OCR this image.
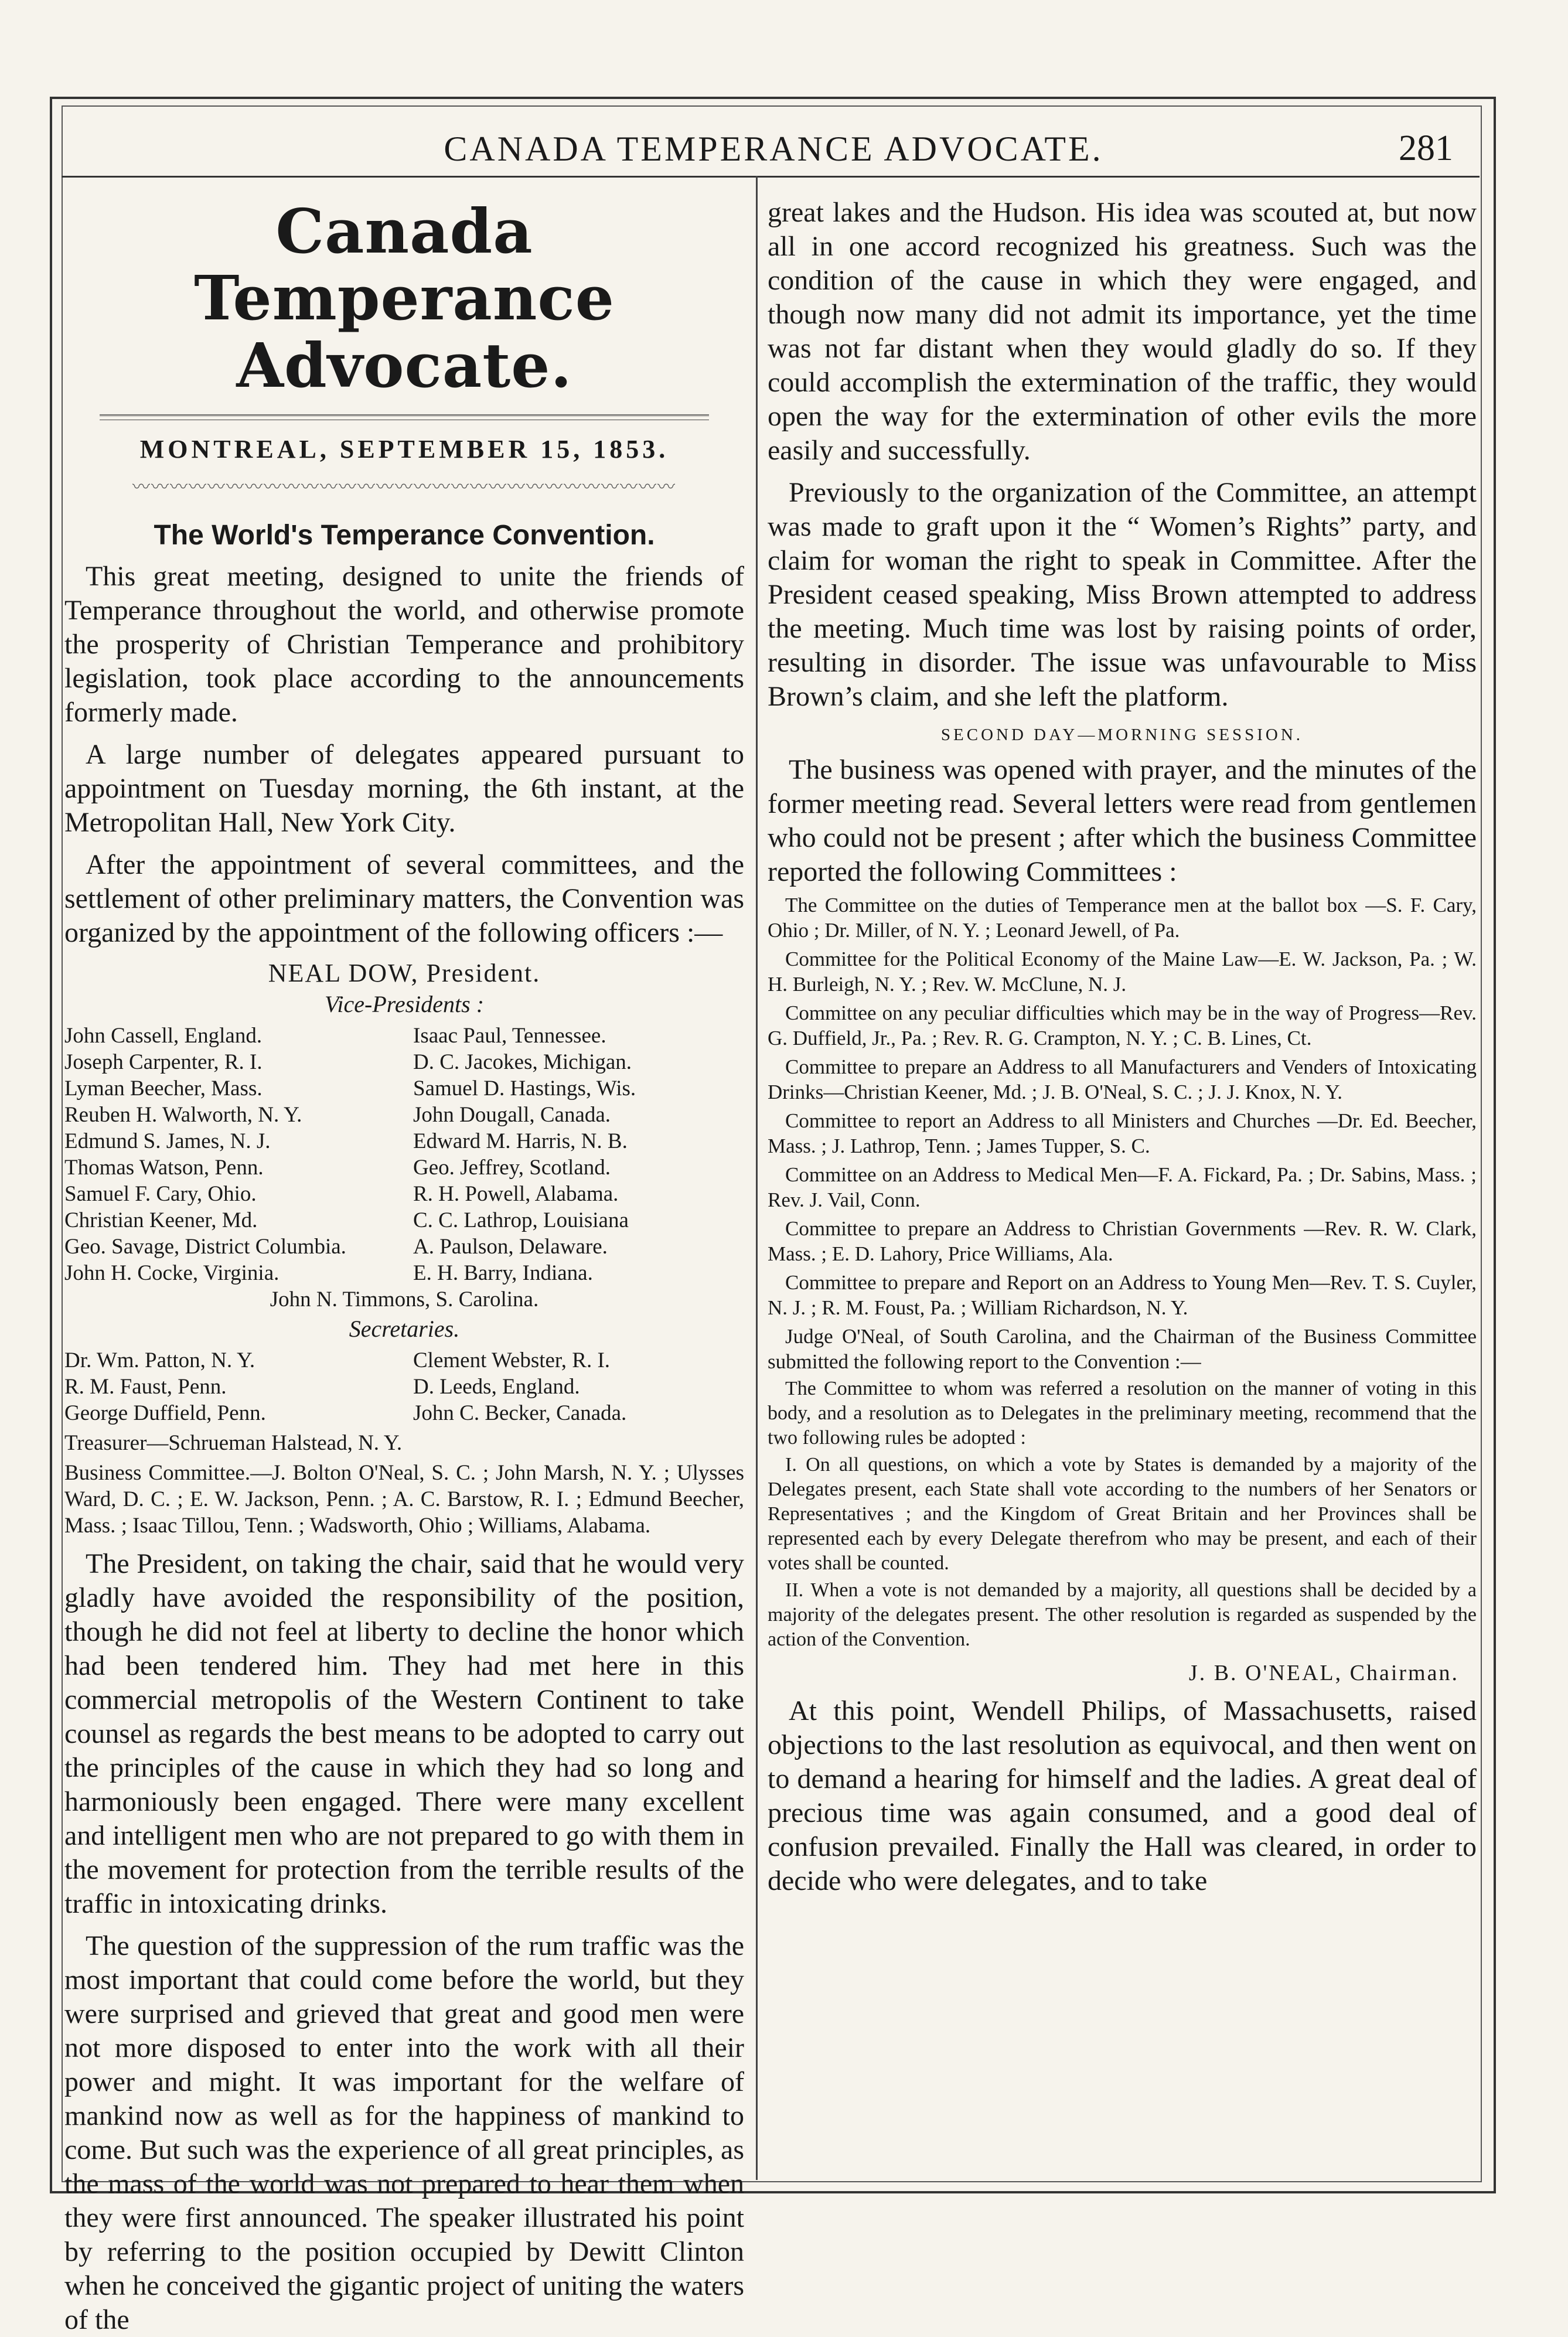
CANADA TEMPERANCE ADVOCATE.	281
Canada Temperance Advocate.
MONTREAL, SEPTEMBER 15, 1853.
〰〰〰〰〰〰〰〰〰〰〰〰〰〰〰〰〰〰〰〰〰〰〰〰〰〰〰〰〰
The World's Temperance Convention.

This great meeting, designed to unite the friends of Temperance throughout the world, and otherwise promote the prosperity of Christian Temperance and prohibitory legislation, took place according to the announcements formerly made.

A large number of delegates appeared pursuant to appointment on Tuesday morning, the 6th instant, at the Metropolitan Hall, New York City.

After the appointment of several committees, and the settlement of other preliminary matters, the Convention was organized by the appointment of the following officers :—

NEAL DOW, President.
Vice-Presidents :
John Cassell, England.	Isaac Paul, Tennessee.
Joseph Carpenter, R. I.	D. C. Jacokes, Michigan.
Lyman Beecher, Mass.	Samuel D. Hastings, Wis.
Reuben H. Walworth, N. Y.	John Dougall, Canada.
Edmund S. James, N. J.	Edward M. Harris, N. B.
Thomas Watson, Penn.	Geo. Jeffrey, Scotland.
Samuel F. Cary, Ohio.	R. H. Powell, Alabama.
Christian Keener, Md.	C. C. Lathrop, Louisiana
Geo. Savage, District Columbia.	A. Paulson, Delaware.
John H. Cocke, Virginia.	E. H. Barry, Indiana.
John N. Timmons, S. Carolina.
Secretaries.
Dr. Wm. Patton, N. Y.	Clement Webster, R. I.
R. M. Faust, Penn.	D. Leeds, England.
George Duffield, Penn.	John C. Becker, Canada.

Treasurer—Schrueman Halstead, N. Y.

Business Committee.—J. Bolton O'Neal, S. C. ; John Marsh, N. Y. ; Ulysses Ward, D. C. ; E. W. Jackson, Penn. ; A. C. Barstow, R. I. ; Edmund Beecher, Mass. ; Isaac Tillou, Tenn. ; Wadsworth, Ohio ; Williams, Alabama.

The President, on taking the chair, said that he would very gladly have avoided the responsibility of the position, though he did not feel at liberty to decline the honor which had been tendered him. They had met here in this commercial metropolis of the Western Continent to take counsel as regards the best means to be adopted to carry out the principles of the cause in which they had so long and harmoniously been engaged. There were many excellent and intelligent men who are not prepared to go with them in the movement for protection from the terrible results of the traffic in intoxicating drinks.

The question of the suppression of the rum traffic was the most important that could come before the world, but they were surprised and grieved that great and good men were not more disposed to enter into the work with all their power and might. It was important for the welfare of mankind now as well as for the happiness of mankind to come. But such was the experience of all great principles, as the mass of the world was not prepared to hear them when they were first announced. The speaker illustrated his point by referring to the position occupied by Dewitt Clinton when he conceived the gigantic project of uniting the waters of the

great lakes and the Hudson. His idea was scouted at, but now all in one accord recognized his greatness. Such was the condition of the cause in which they were engaged, and though now many did not admit its importance, yet the time was not far distant when they would gladly do so. If they could accomplish the extermination of the traffic, they would open the way for the extermination of other evils the more easily and successfully.

Previously to the organization of the Committee, an attempt was made to graft upon it the “ Women’s Rights” party, and claim for woman the right to speak in Committee. After the President ceased speaking, Miss Brown attempted to address the meeting. Much time was lost by raising points of order, resulting in disorder. The issue was unfavourable to Miss Brown’s claim, and she left the platform.

SECOND DAY—MORNING SESSION.

The business was opened with prayer, and the minutes of the former meeting read. Several letters were read from gentlemen who could not be present ; after which the business Committee reported the following Committees :

The Committee on the duties of Temperance men at the ballot box —S. F. Cary, Ohio ; Dr. Miller, of N. Y. ; Leonard Jewell, of Pa.

Committee for the Political Economy of the Maine Law—E. W. Jackson, Pa. ; W. H. Burleigh, N. Y. ; Rev. W. McClune, N. J.

Committee on any peculiar difficulties which may be in the way of Progress—Rev. G. Duffield, Jr., Pa. ; Rev. R. G. Crampton, N. Y. ; C. B. Lines, Ct.

Committee to prepare an Address to all Manufacturers and Venders of Intoxicating Drinks—Christian Keener, Md. ; J. B. O'Neal, S. C. ; J. J. Knox, N. Y.

Committee to report an Address to all Ministers and Churches —Dr. Ed. Beecher, Mass. ; J. Lathrop, Tenn. ; James Tupper, S. C.

Committee on an Address to Medical Men—F. A. Fickard, Pa. ; Dr. Sabins, Mass. ; Rev. J. Vail, Conn.

Committee to prepare an Address to Christian Governments —Rev. R. W. Clark, Mass. ; E. D. Lahory, Price Williams, Ala.

Committee to prepare and Report on an Address to Young Men—Rev. T. S. Cuyler, N. J. ; R. M. Foust, Pa. ; William Richardson, N. Y.

Judge O'Neal, of South Carolina, and the Chairman of the Business Committee submitted the following report to the Convention :—

The Committee to whom was referred a resolution on the manner of voting in this body, and a resolution as to Delegates in the preliminary meeting, recommend that the two following rules be adopted :

I. On all questions, on which a vote by States is demanded by a majority of the Delegates present, each State shall vote according to the numbers of her Senators or Representatives ; and the Kingdom of Great Britain and her Provinces shall be represented each by every Delegate therefrom who may be present, and each of their votes shall be counted.

II. When a vote is not demanded by a majority, all questions shall be decided by a majority of the delegates present. The other resolution is regarded as suspended by the action of the Convention.

J. B. O'NEAL, Chairman.

At this point, Wendell Philips, of Massachusetts, raised objections to the last resolution as equivocal, and then went on to demand a hearing for himself and the ladies. A great deal of precious time was again consumed, and a good deal of confusion prevailed. Finally the Hall was cleared, in order to decide who were delegates, and to take
